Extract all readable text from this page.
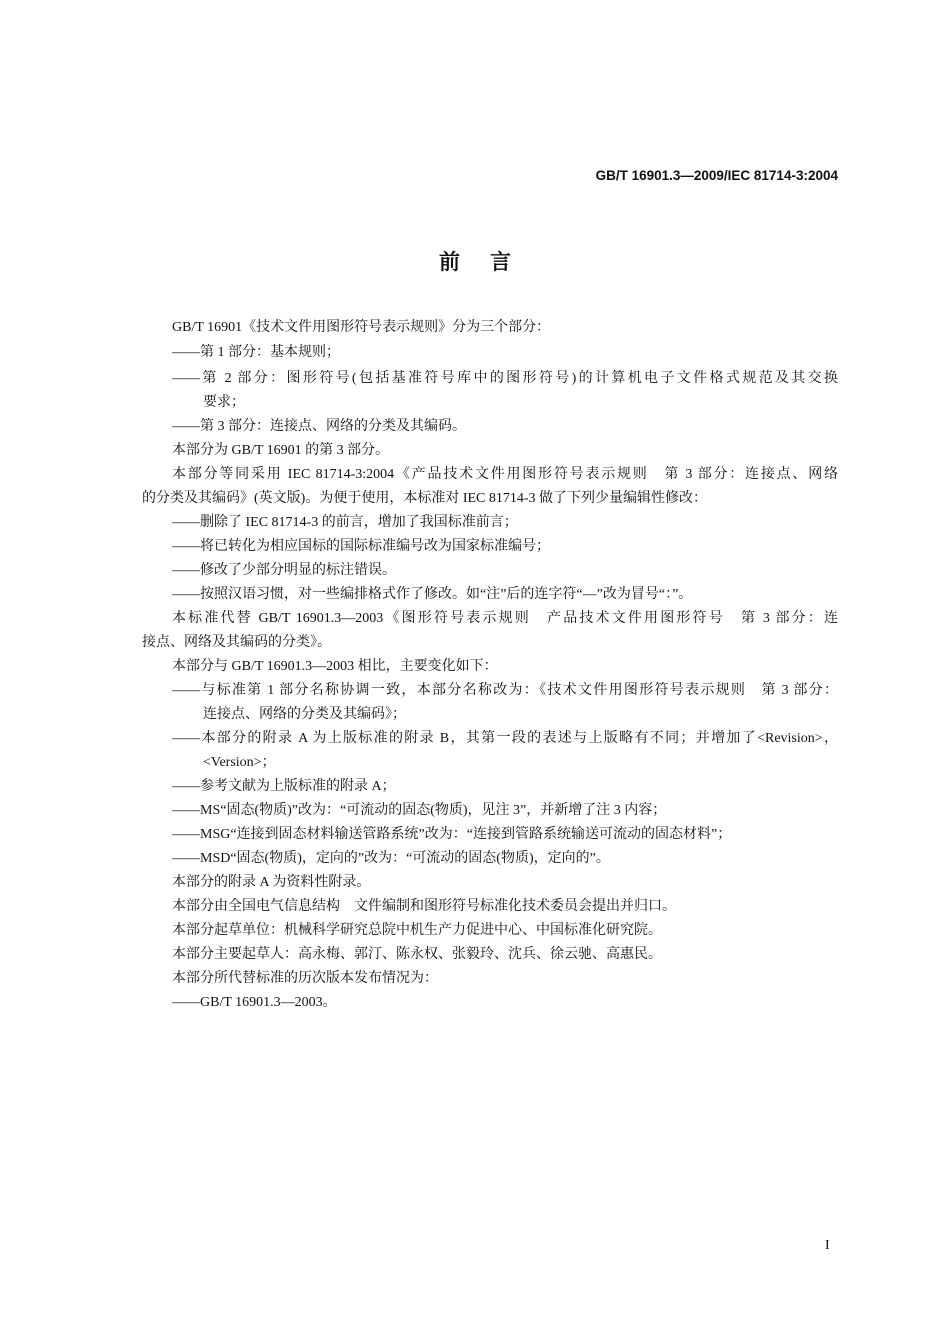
GB/T 16901.3—2009/IEC 81714-3:2004
前言
GB/T 16901《技术文件用图形符号表示规则》分为三个部分：
——第 1 部分：基本规则；
——第 2 部分：图形符号(包括基准符号库中的图形符号)的计算机电子文件格式规范及其交换
要求；
——第 3 部分：连接点、网络的分类及其编码。
本部分为 GB/T 16901 的第 3 部分。
本部分等同采用 IEC 81714-3:2004《产品技术文件用图形符号表示规则　第 3 部分：连接点、网络
的分类及其编码》(英文版)。为便于使用，本标准对 IEC 81714-3 做了下列少量编辑性修改：
——删除了 IEC 81714-3 的前言，增加了我国标准前言；
——将已转化为相应国标的国际标准编号改为国家标准编号；
——修改了少部分明显的标注错误。
——按照汉语习惯，对一些编排格式作了修改。如“注”后的连字符“—”改为冒号“：”。
本标准代替 GB/T 16901.3—2003《图形符号表示规则　产品技术文件用图形符号　第 3 部分：连
接点、网络及其编码的分类》。
本部分与 GB/T 16901.3—2003 相比，主要变化如下：
——与标准第 1 部分名称协调一致，本部分名称改为：《技术文件用图形符号表示规则　第 3 部分：
连接点、网络的分类及其编码》；
——本部分的附录 A 为上版标准的附录 B，其第一段的表述与上版略有不同；并增加了<Revision>，
<Version>；
——参考文献为上版标准的附录 A；
——MS“固态(物质)”改为：“可流动的固态(物质)，见注 3”，并新增了注 3 内容；
——MSG“连接到固态材料输送管路系统”改为：“连接到管路系统输送可流动的固态材料”；
——MSD“固态(物质)，定向的”改为：“可流动的固态(物质)，定向的”。
本部分的附录 A 为资料性附录。
本部分由全国电气信息结构　文件编制和图形符号标准化技术委员会提出并归口。
本部分起草单位：机械科学研究总院中机生产力促进中心、中国标准化研究院。
本部分主要起草人：高永梅、郭汀、陈永权、张毅玲、沈兵、徐云驰、高惠民。
本部分所代替标准的历次版本发布情况为：
——GB/T 16901.3—2003。
I
